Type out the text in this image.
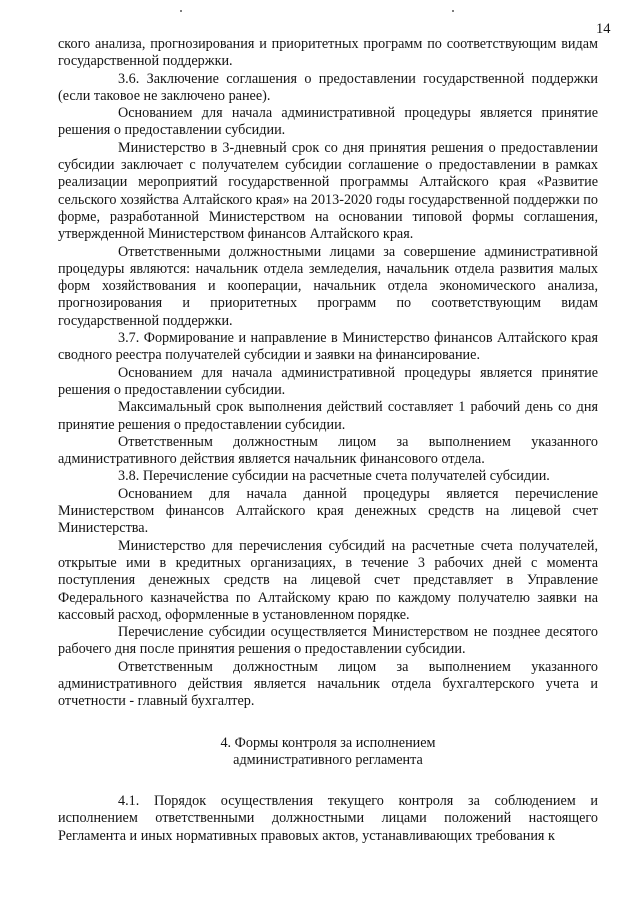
14

ского анализа, прогнозирования и приоритетных программ по соответствующим видам государственной поддержки.

3.6. Заключение соглашения о предоставлении государственной поддержки (если таковое не заключено ранее).

Основанием для начала административной процедуры является принятие решения о предоставлении субсидии.

Министерство в 3-дневный срок со дня принятия решения о предоставлении субсидии заключает с получателем субсидии соглашение о предоставлении в рамках реализации мероприятий государственной программы Алтайского края «Развитие сельского хозяйства Алтайского края» на 2013-2020 годы государственной поддержки по форме, разработанной Министерством на основании типовой формы соглашения, утвержденной Министерством финансов Алтайского края.

Ответственными должностными лицами за совершение административной процедуры являются: начальник отдела земледелия, начальник отдела развития малых форм хозяйствования и кооперации, начальник отдела экономического анализа, прогнозирования и приоритетных программ по соответствующим видам государственной поддержки.

3.7. Формирование и направление в Министерство финансов Алтайского края сводного реестра получателей субсидии и заявки на финансирование.

Основанием для начала административной процедуры является принятие решения о предоставлении субсидии.

Максимальный срок выполнения действий составляет 1 рабочий день со дня принятие решения о предоставлении субсидии.

Ответственным должностным лицом за выполнением указанного административного действия является начальник финансового отдела.

3.8. Перечисление субсидии на расчетные счета получателей субсидии.

Основанием для начала данной процедуры является перечисление Министерством финансов Алтайского края денежных средств на лицевой счет Министерства.

Министерство для перечисления субсидий на расчетные счета получателей, открытые ими в кредитных организациях, в течение 3 рабочих дней с момента поступления денежных средств на лицевой счет представляет в Управление Федерального казначейства по Алтайскому краю по каждому получателю заявки на кассовый расход, оформленные в установленном порядке.

Перечисление субсидии осуществляется Министерством не позднее десятого рабочего дня после принятия решения о предоставлении субсидии.

Ответственным должностным лицом за выполнением указанного административного действия является начальник отдела бухгалтерского учета и отчетности - главный бухгалтер.

4. Формы контроля за исполнением
административного регламента

4.1. Порядок осуществления текущего контроля за соблюдением и исполнением ответственными должностными лицами положений настоящего Регламента и иных нормативных правовых актов, устанавливающих требования к
